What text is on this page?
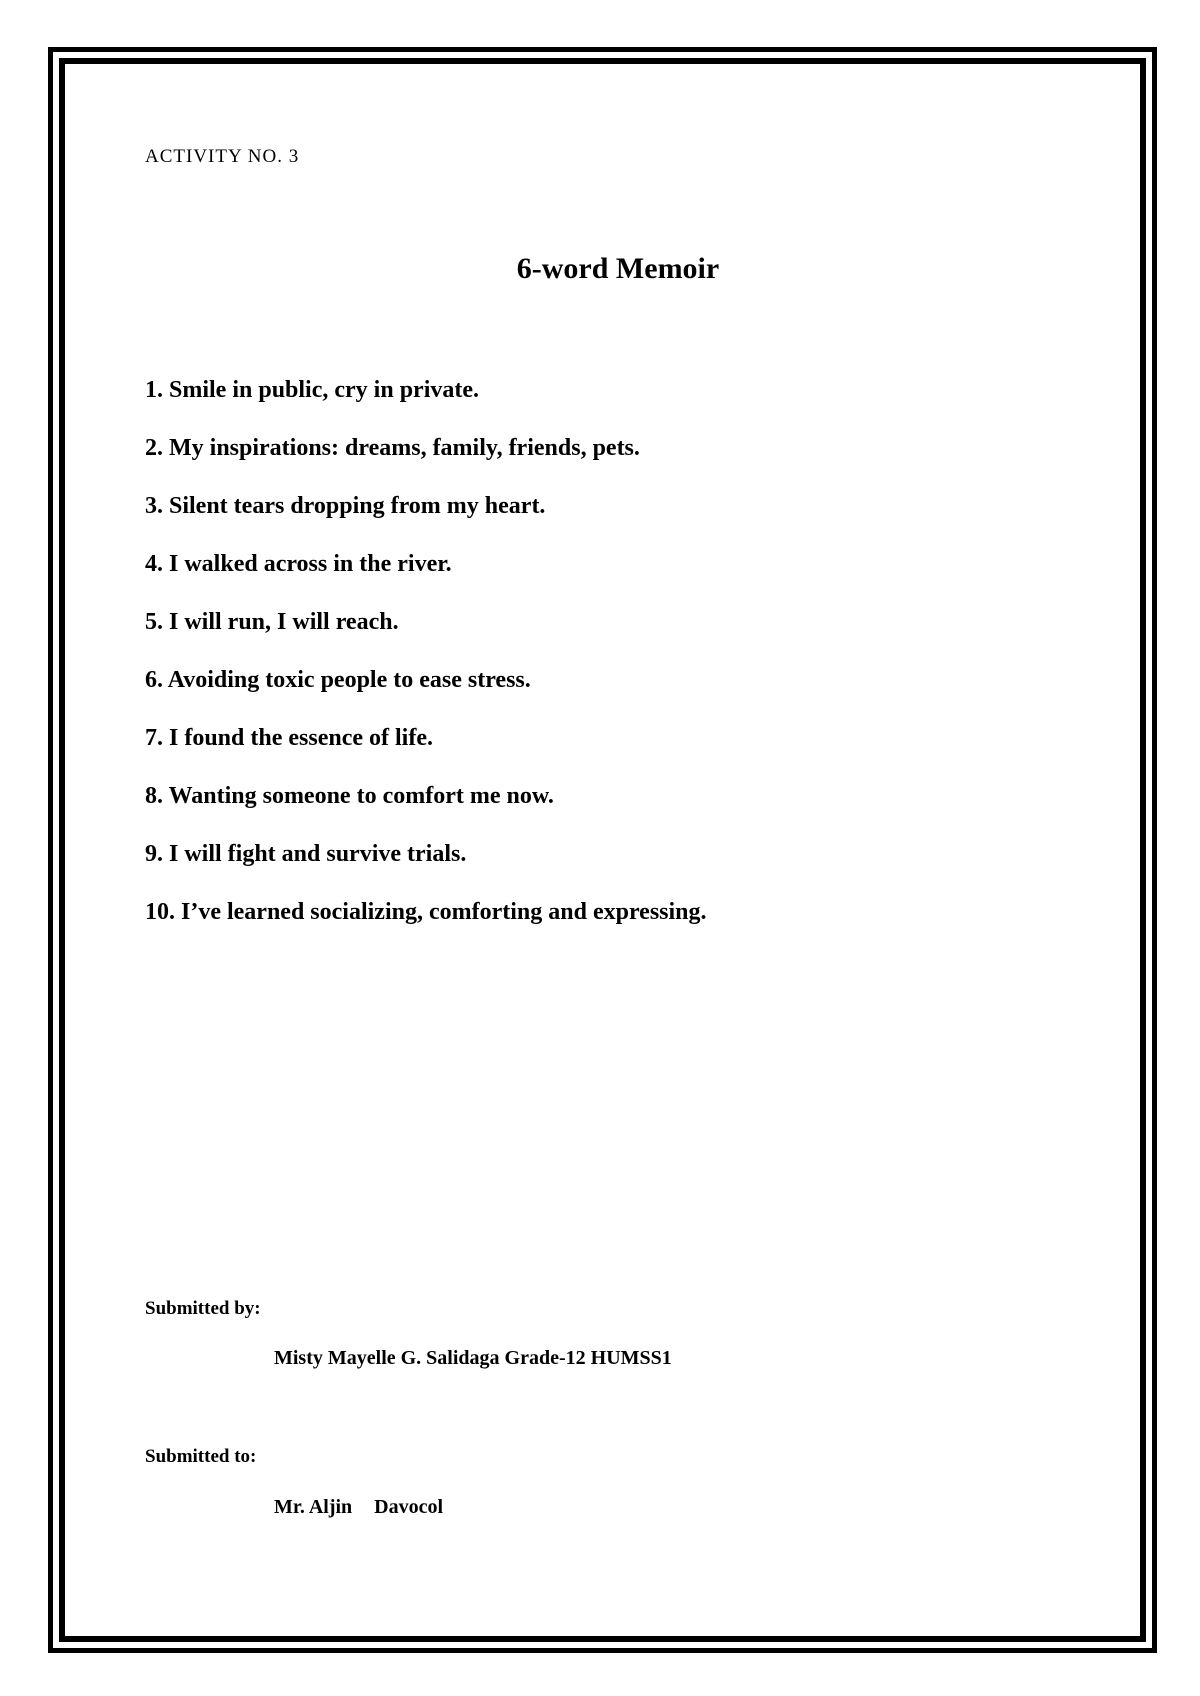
ACTIVITY NO. 3
6-word Memoir
1. Smile in public, cry in private.
2. My inspirations: dreams, family, friends, pets.
3. Silent tears dropping from my heart.
4. I walked across in the river.
5. I will run, I will reach.
6. Avoiding toxic people to ease stress.
7. I found the essence of life.
8. Wanting someone to comfort me now.
9. I will fight and survive trials.
10. I’ve learned socializing, comforting and expressing.
Submitted by:
Misty Mayelle G. Salidaga Grade-12 HUMSS1
Submitted to:
Mr. Aljin Davocol
